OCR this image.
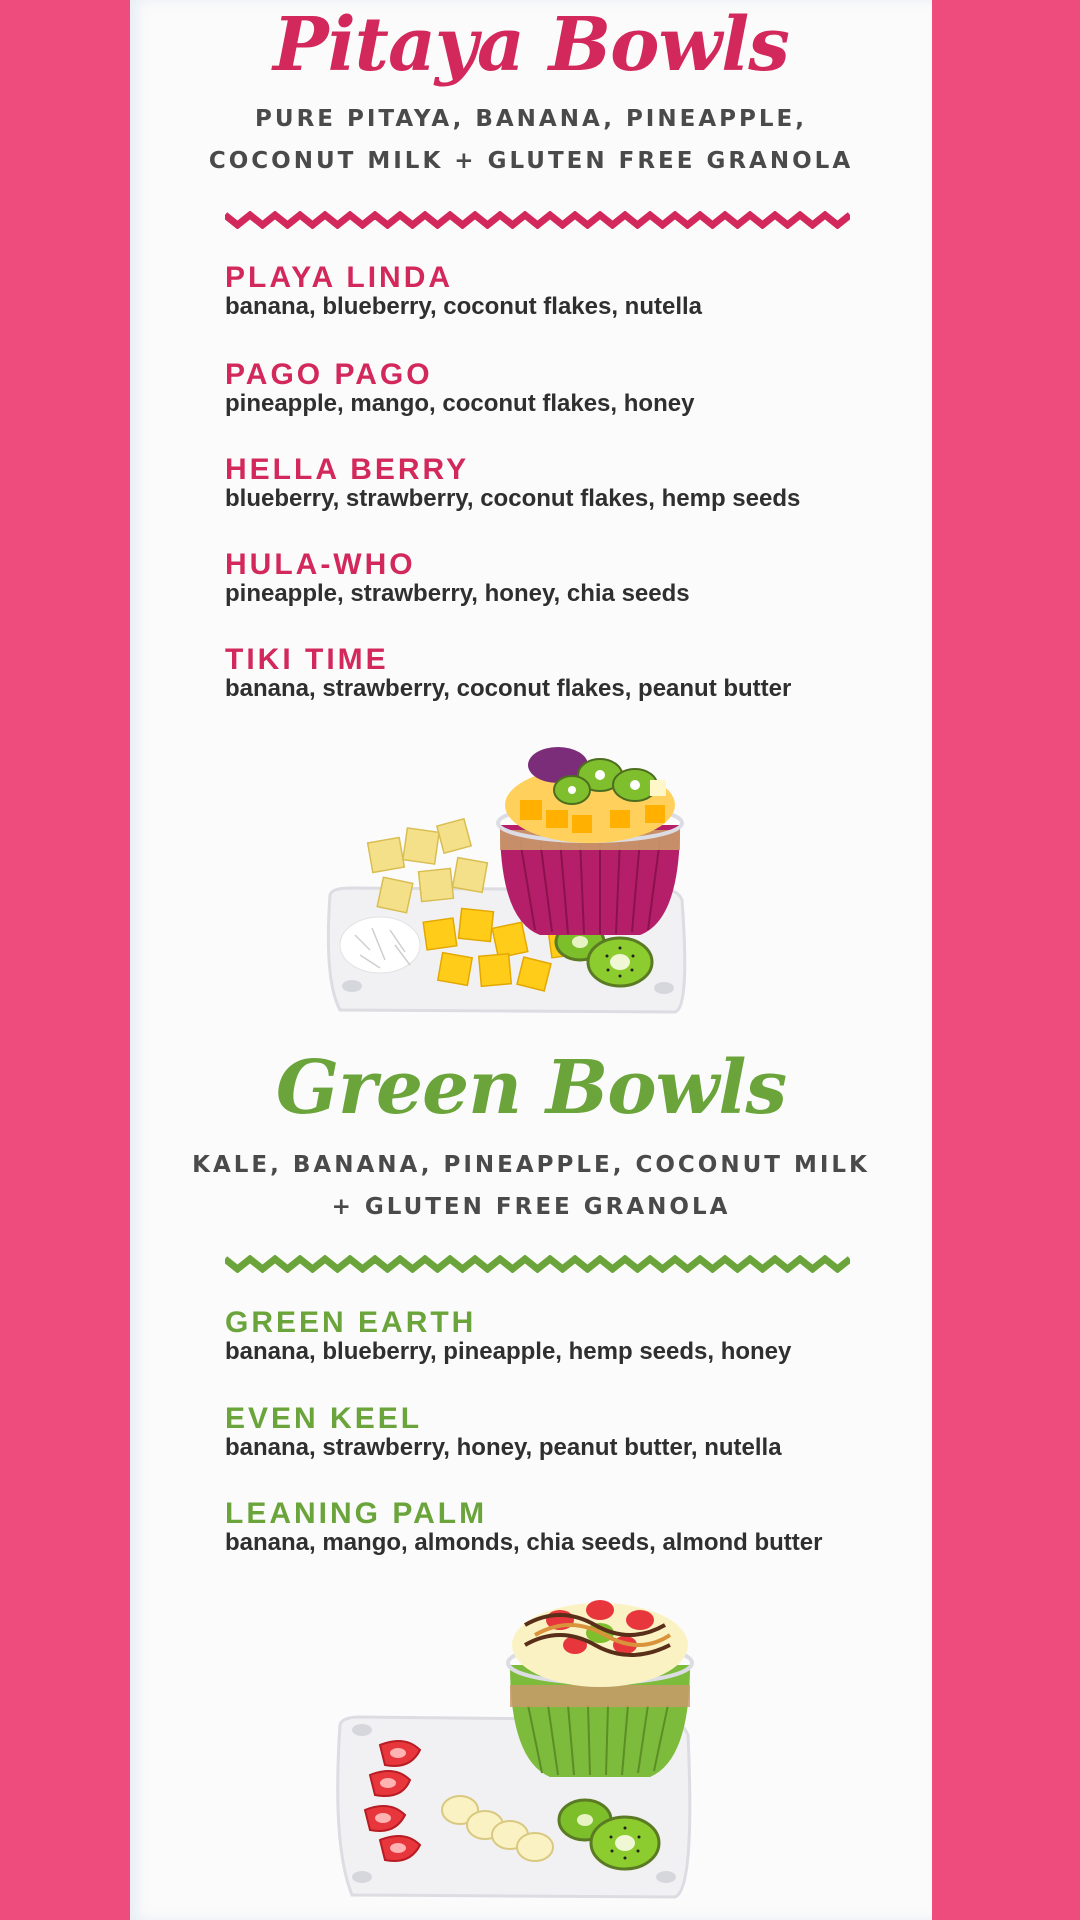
Pitaya Bowls
PURE PITAYA, BANANA, PINEAPPLE,
COCONUT MILK + GLUTEN FREE GRANOLA
PLAYA LINDA
banana, blueberry, coconut flakes, nutella
PAGO PAGO
pineapple, mango, coconut flakes, honey
HELLA BERRY
blueberry, strawberry, coconut flakes, hemp seeds
HULA-WHO
pineapple, strawberry, honey, chia seeds
TIKI TIME
banana, strawberry, coconut flakes, peanut butter
Green Bowls
KALE, BANANA, PINEAPPLE, COCONUT MILK
+ GLUTEN FREE GRANOLA
GREEN EARTH
banana, blueberry, pineapple, hemp seeds, honey
EVEN KEEL
banana, strawberry, honey, peanut butter, nutella
LEANING PALM
banana, mango, almonds, chia seeds, almond butter
